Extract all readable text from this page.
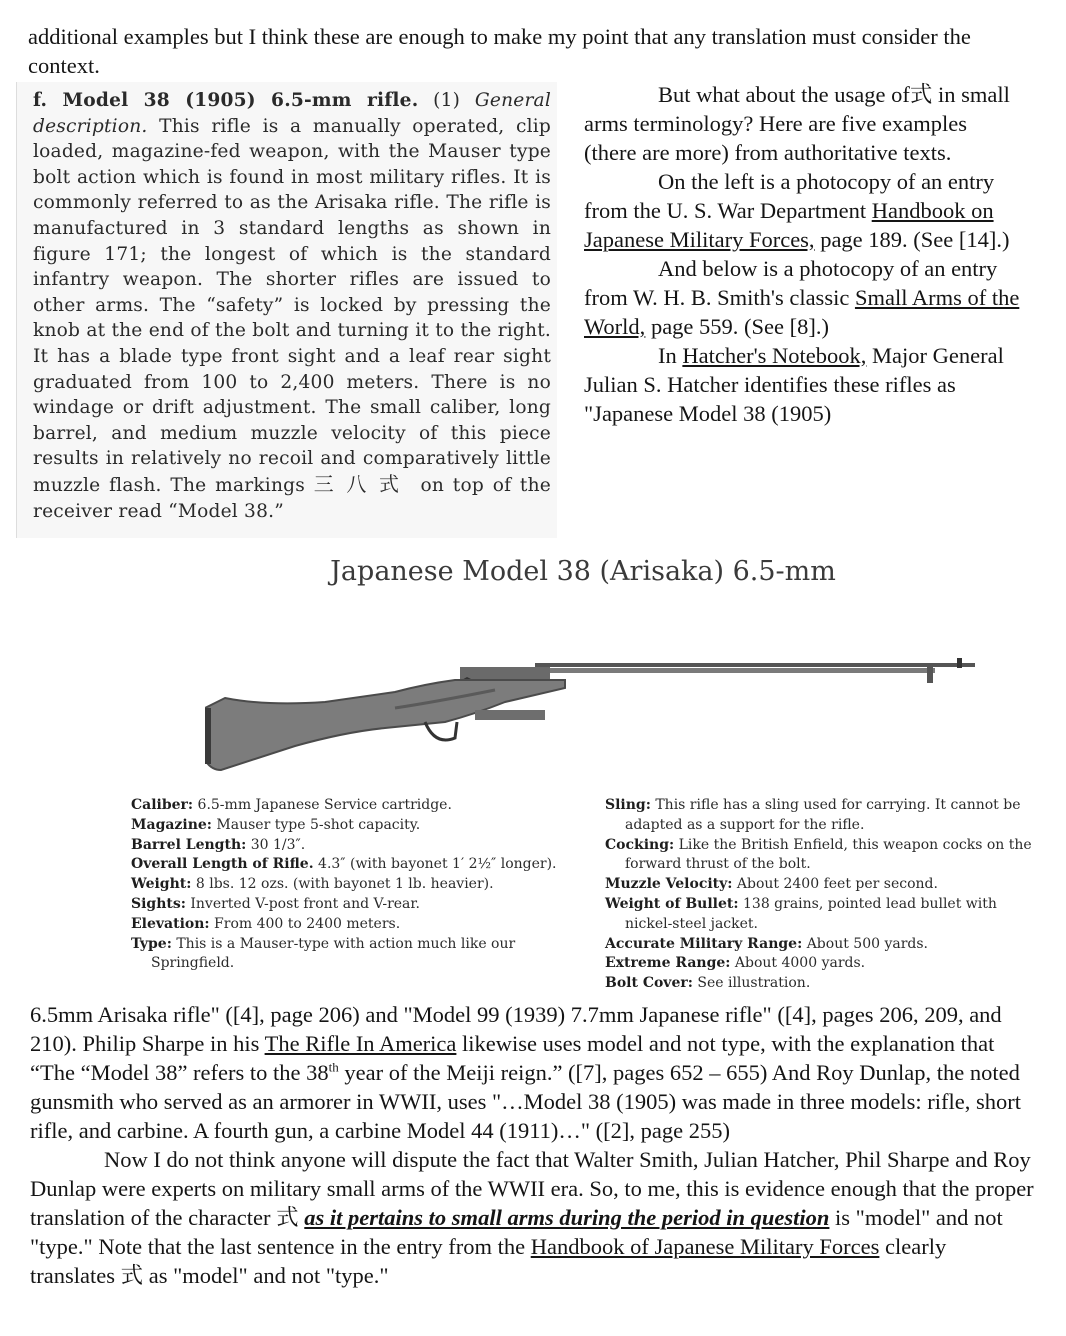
additional examples but I think these are enough to make my point that any translation must consider the context.

f. Model 38 (1905) 6.5-mm rifle. (1) General description. This rifle is a manually operated, clip loaded, magazine-fed weapon, with the Mauser type bolt action which is found in most military rifles. It is commonly referred to as the Arisaka rifle. The rifle is manufactured in 3 standard lengths as shown in figure 171; the longest of which is the standard infantry weapon. The shorter rifles are issued to other arms. The “safety” is locked by pressing the knob at the end of the bolt and turning it to the right. It has a blade type front sight and a leaf rear sight graduated from 100 to 2,400 meters. There is no windage or drift adjustment. The small caliber, long barrel, and medium muzzle velocity of this piece results in relatively no recoil and comparatively little muzzle flash. The markings 三八式 on top of the receiver read “Model 38.”

But what about the usage of式 in small arms terminology? Here are five examples (there are more) from authoritative texts.

On the left is a photocopy of an entry from the U. S. War Department Handbook on Japanese Military Forces, page 189. (See [14].)

And below is a photocopy of an entry from W. H. B. Smith's classic Small Arms of the World, page 559. (See [8].)

In Hatcher's Notebook, Major General Julian S. Hatcher identifies these rifles as "Japanese Model 38 (1905)

Japanese Model 38 (Arisaka) 6.5-mm

Caliber: 6.5-mm Japanese Service cartridge.

Magazine: Mauser type 5-shot capacity.

Barrel Length: 30 1/3″.

Overall Length of Rifle. 4.3″ (with bayonet 1′ 2½″ longer).

Weight: 8 lbs. 12 ozs. (with bayonet 1 lb. heavier).

Sights: Inverted V-post front and V-rear.

Elevation: From 400 to 2400 meters.

Type: This is a Mauser-type with action much like our Springfield.

Sling: This rifle has a sling used for carrying. It cannot be adapted as a support for the rifle.

Cocking: Like the British Enfield, this weapon cocks on the forward thrust of the bolt.

Muzzle Velocity: About 2400 feet per second.

Weight of Bullet: 138 grains, pointed lead bullet with nickel-steel jacket.

Accurate Military Range: About 500 yards.

Extreme Range: About 4000 yards.

Bolt Cover: See illustration.

6.5mm Arisaka rifle" ([4], page 206) and "Model 99 (1939) 7.7mm Japanese rifle" ([4], pages 206, 209, and 210). Philip Sharpe in his The Rifle In America likewise uses model and not type, with the explanation that “The “Model 38” refers to the 38th year of the Meiji reign.” ([7], pages 652 – 655) And Roy Dunlap, the noted gunsmith who served as an armorer in WWII, uses "…Model 38 (1905) was made in three models: rifle, short rifle, and carbine. A fourth gun, a carbine Model 44 (1911)…" ([2], page 255)

Now I do not think anyone will dispute the fact that Walter Smith, Julian Hatcher, Phil Sharpe and Roy Dunlap were experts on military small arms of the WWII era. So, to me, this is evidence enough that the proper translation of the character 式 as it pertains to small arms during the period in question is "model" and not "type." Note that the last sentence in the entry from the Handbook of Japanese Military Forces clearly translates 式 as "model" and not "type."
